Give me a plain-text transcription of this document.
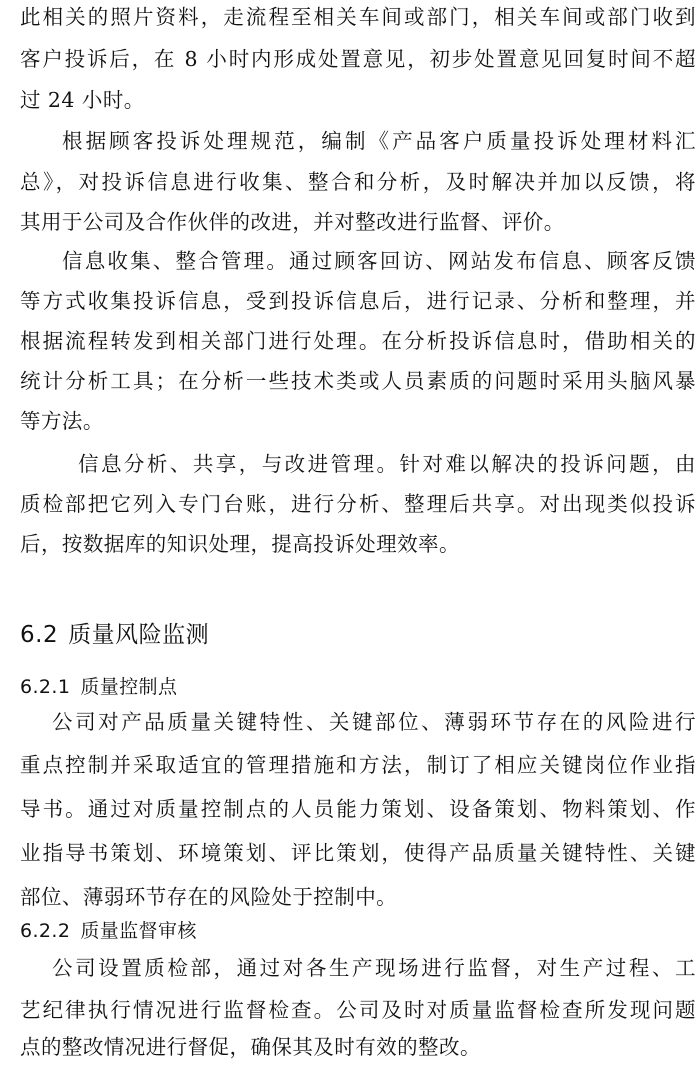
此相关的照片资料，走流程至相关车间或部门，相关车间或部门收到
客户投诉后，在 8 小时内形成处置意见，初步处置意见回复时间不超
过 24 小时。
根据顾客投诉处理规范，编制《产品客户质量投诉处理材料汇
总》，对投诉信息进行收集、整合和分析，及时解决并加以反馈，将
其用于公司及合作伙伴的改进，并对整改进行监督、评价。
信息收集、整合管理。通过顾客回访、网站发布信息、顾客反馈
等方式收集投诉信息，受到投诉信息后，进行记录、分析和整理，并
根据流程转发到相关部门进行处理。在分析投诉信息时，借助相关的
统计分析工具；在分析一些技术类或人员素质的问题时采用头脑风暴
等方法。
信息分析、共享，与改进管理。针对难以解决的投诉问题，由
质检部把它列入专门台账，进行分析、整理后共享。对出现类似投诉
后，按数据库的知识处理，提高投诉处理效率。
6.2 质量风险监测
6.2.1 质量控制点
公司对产品质量关键特性、关键部位、薄弱环节存在的风险进行
重点控制并采取适宜的管理措施和方法，制订了相应关键岗位作业指
导书。通过对质量控制点的人员能力策划、设备策划、物料策划、作
业指导书策划、环境策划、评比策划，使得产品质量关键特性、关键
部位、薄弱环节存在的风险处于控制中。
6.2.2 质量监督审核
公司设置质检部，通过对各生产现场进行监督，对生产过程、工
艺纪律执行情况进行监督检查。公司及时对质量监督检查所发现问题
点的整改情况进行督促，确保其及时有效的整改。
